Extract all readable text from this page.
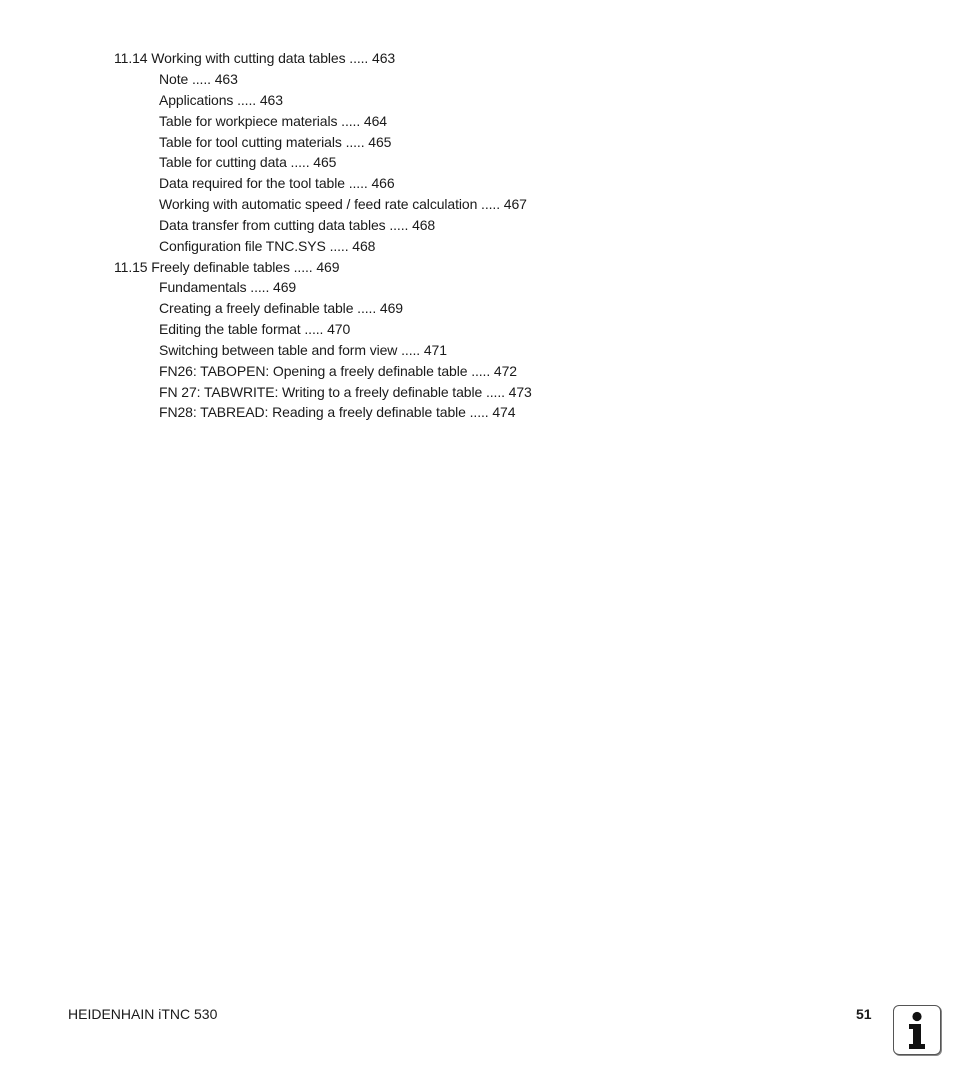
11.14 Working with cutting data tables ..... 463
Note ..... 463
Applications ..... 463
Table for workpiece materials ..... 464
Table for tool cutting materials ..... 465
Table for cutting data ..... 465
Data required for the tool table ..... 466
Working with automatic speed / feed rate calculation ..... 467
Data transfer from cutting data tables ..... 468
Configuration file TNC.SYS ..... 468
11.15 Freely definable tables ..... 469
Fundamentals ..... 469
Creating a freely definable table ..... 469
Editing the table format ..... 470
Switching between table and form view ..... 471
FN26: TABOPEN: Opening a freely definable table ..... 472
FN 27: TABWRITE: Writing to a freely definable table ..... 473
FN28: TABREAD: Reading a freely definable table ..... 474
HEIDENHAIN iTNC 530	51
